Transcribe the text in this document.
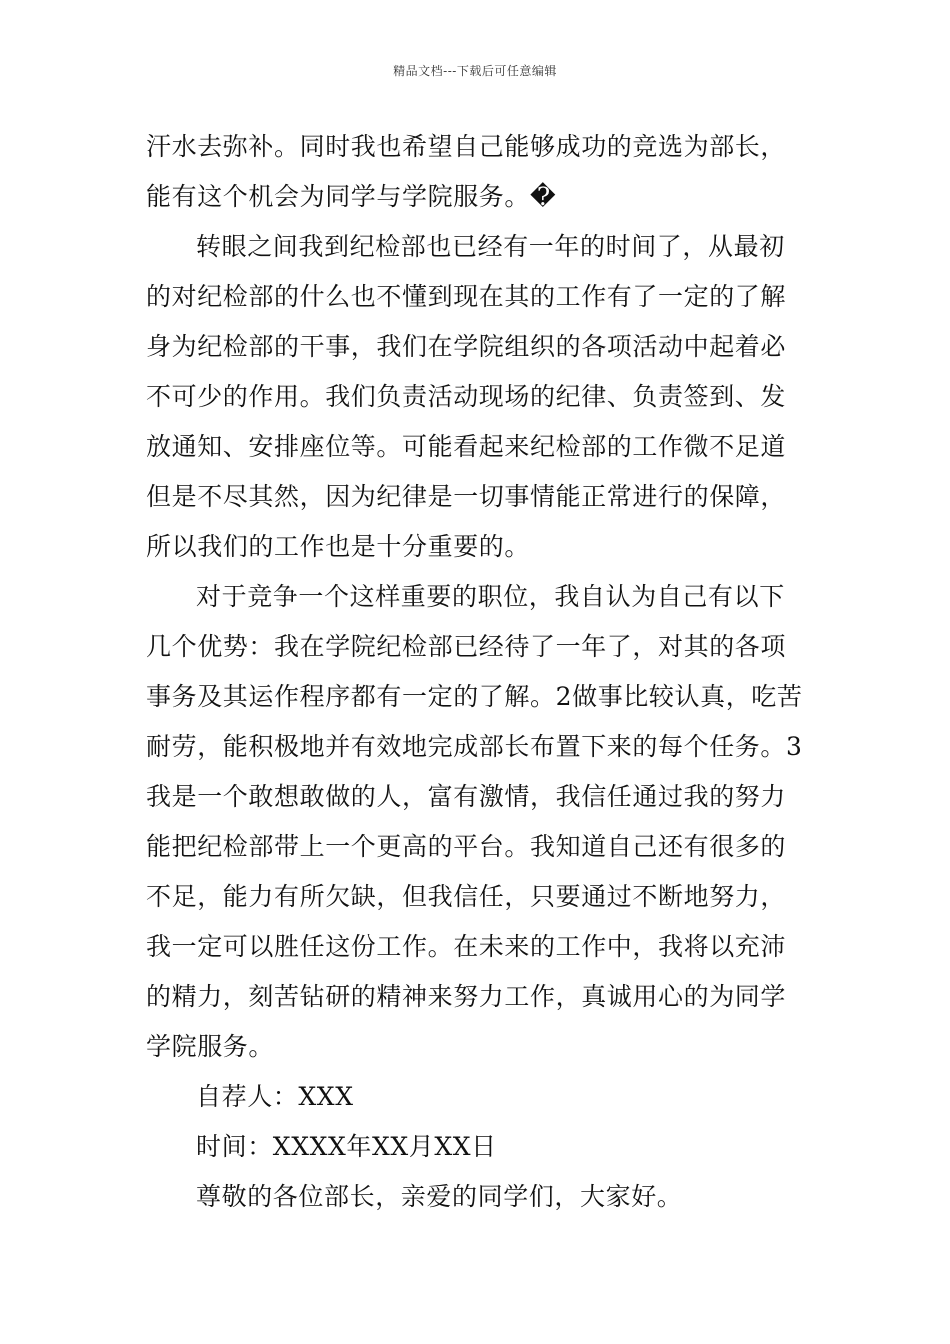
精品文档---下载后可任意编辑
汗水去弥补。同时我也希望自己能够成功的竞选为部长，
能有这个机会为同学与学院服务。�
转眼之间我到纪检部也已经有一年的时间了，从最初
的对纪检部的什么也不懂到现在其的工作有了一定的了解
身为纪检部的干事，我们在学院组织的各项活动中起着必
不可少的作用。我们负责活动现场的纪律、负责签到、发
放通知、安排座位等。可能看起来纪检部的工作微不足道
但是不尽其然，因为纪律是一切事情能正常进行的保障，
所以我们的工作也是十分重要的。
对于竞争一个这样重要的职位，我自认为自己有以下
几个优势：我在学院纪检部已经待了一年了，对其的各项
事务及其运作程序都有一定的了解。2做事比较认真，吃苦
耐劳，能积极地并有效地完成部长布置下来的每个任务。3
我是一个敢想敢做的人，富有激情，我信任通过我的努力
能把纪检部带上一个更高的平台。我知道自己还有很多的
不足，能力有所欠缺，但我信任，只要通过不断地努力，
我一定可以胜任这份工作。在未来的工作中，我将以充沛
的精力，刻苦钻研的精神来努力工作，真诚用心的为同学
学院服务。
自荐人：XXX
时间：XXXX年XX月XX日
尊敬的各位部长，亲爱的同学们，大家好。
